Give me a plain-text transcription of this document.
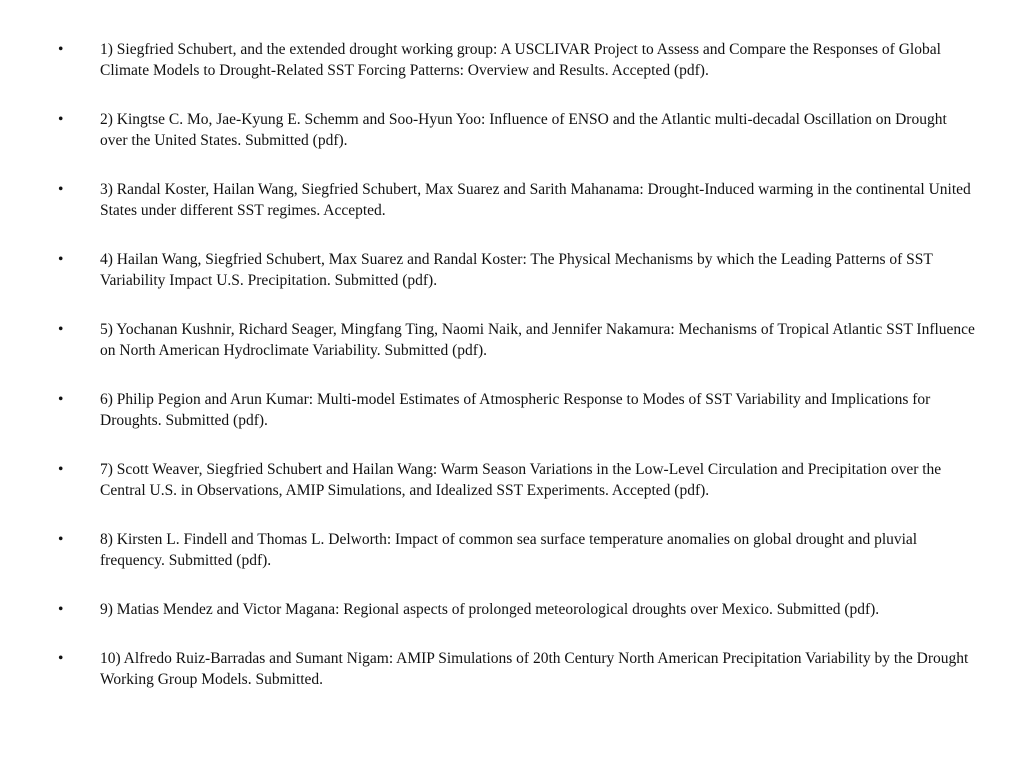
•	1) Siegfried Schubert, and the extended drought working group: A USCLIVAR Project to Assess and Compare the Responses of Global Climate Models to Drought-Related SST Forcing Patterns: Overview and Results. Accepted (pdf).
•	2) Kingtse C. Mo, Jae-Kyung E. Schemm and Soo-Hyun Yoo: Influence of ENSO and the Atlantic multi-decadal Oscillation on Drought over the United States. Submitted (pdf).
•	3) Randal Koster, Hailan Wang, Siegfried Schubert, Max Suarez and Sarith Mahanama: Drought-Induced warming in the continental United States under different SST regimes. Accepted.
•	4) Hailan Wang, Siegfried Schubert, Max Suarez and Randal Koster: The Physical Mechanisms by which the Leading Patterns of SST Variability Impact U.S. Precipitation. Submitted (pdf).
•	5) Yochanan Kushnir, Richard Seager, Mingfang Ting, Naomi Naik, and Jennifer Nakamura: Mechanisms of Tropical Atlantic SST Influence on North American Hydroclimate Variability. Submitted (pdf).
•	6) Philip Pegion and Arun Kumar: Multi-model Estimates of Atmospheric Response to Modes of SST Variability and Implications for Droughts. Submitted (pdf).
•	7) Scott Weaver, Siegfried Schubert and Hailan Wang: Warm Season Variations in the Low-Level Circulation and Precipitation over the Central U.S. in Observations, AMIP Simulations, and Idealized SST Experiments. Accepted (pdf).
•	8) Kirsten L. Findell and Thomas L. Delworth: Impact of common sea surface temperature anomalies on global drought and pluvial frequency. Submitted (pdf).
•	9) Matias Mendez and Victor Magana: Regional aspects of prolonged meteorological droughts over Mexico. Submitted (pdf).
•	10) Alfredo Ruiz-Barradas and Sumant Nigam: AMIP Simulations of 20th Century North American Precipitation Variability by the Drought Working Group Models. Submitted.
